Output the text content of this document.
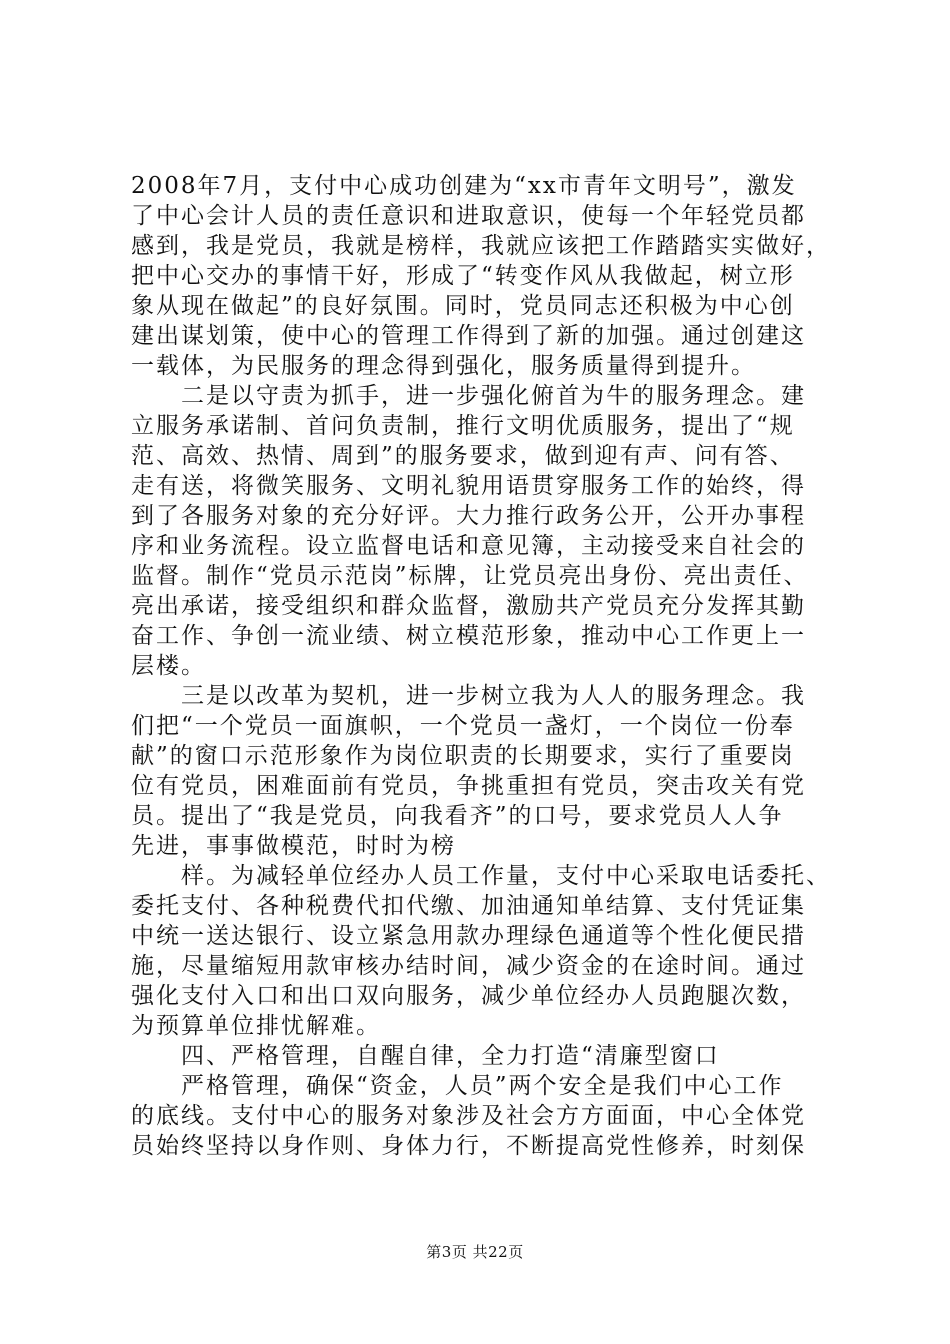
2008年7月，支付中心成功创建为“xx市青年文明号”，激发
了中心会计人员的责任意识和进取意识，使每一个年轻党员都
感到，我是党员，我就是榜样，我就应该把工作踏踏实实做好，
把中心交办的事情干好，形成了“转变作风从我做起，树立形
象从现在做起”的良好氛围。同时，党员同志还积极为中心创
建出谋划策，使中心的管理工作得到了新的加强。通过创建这
一载体，为民服务的理念得到强化，服务质量得到提升。
二是以守责为抓手，进一步强化俯首为牛的服务理念。建
立服务承诺制、首问负责制，推行文明优质服务，提出了“规
范、高效、热情、周到”的服务要求，做到迎有声、问有答、
走有送，将微笑服务、文明礼貌用语贯穿服务工作的始终，得
到了各服务对象的充分好评。大力推行政务公开，公开办事程
序和业务流程。设立监督电话和意见簿，主动接受来自社会的
监督。制作“党员示范岗”标牌，让党员亮出身份、亮出责任、
亮出承诺，接受组织和群众监督，激励共产党员充分发挥其勤
奋工作、争创一流业绩、树立模范形象，推动中心工作更上一
层楼。
三是以改革为契机，进一步树立我为人人的服务理念。我
们把“一个党员一面旗帜，一个党员一盏灯，一个岗位一份奉
献”的窗口示范形象作为岗位职责的长期要求，实行了重要岗
位有党员，困难面前有党员，争挑重担有党员，突击攻关有党
员。提出了“我是党员，向我看齐”的口号，要求党员人人争
先进，事事做模范，时时为榜
样。为减轻单位经办人员工作量，支付中心采取电话委托、
委托支付、各种税费代扣代缴、加油通知单结算、支付凭证集
中统一送达银行、设立紧急用款办理绿色通道等个性化便民措
施，尽量缩短用款审核办结时间，减少资金的在途时间。通过
强化支付入口和出口双向服务，减少单位经办人员跑腿次数，
为预算单位排忧解难。
四、严格管理，自醒自律，全力打造“清廉型窗口
严格管理，确保“资金，人员”两个安全是我们中心工作
的底线。支付中心的服务对象涉及社会方方面面，中心全体党
员始终坚持以身作则、身体力行，不断提高党性修养，时刻保
第3页 共22页
